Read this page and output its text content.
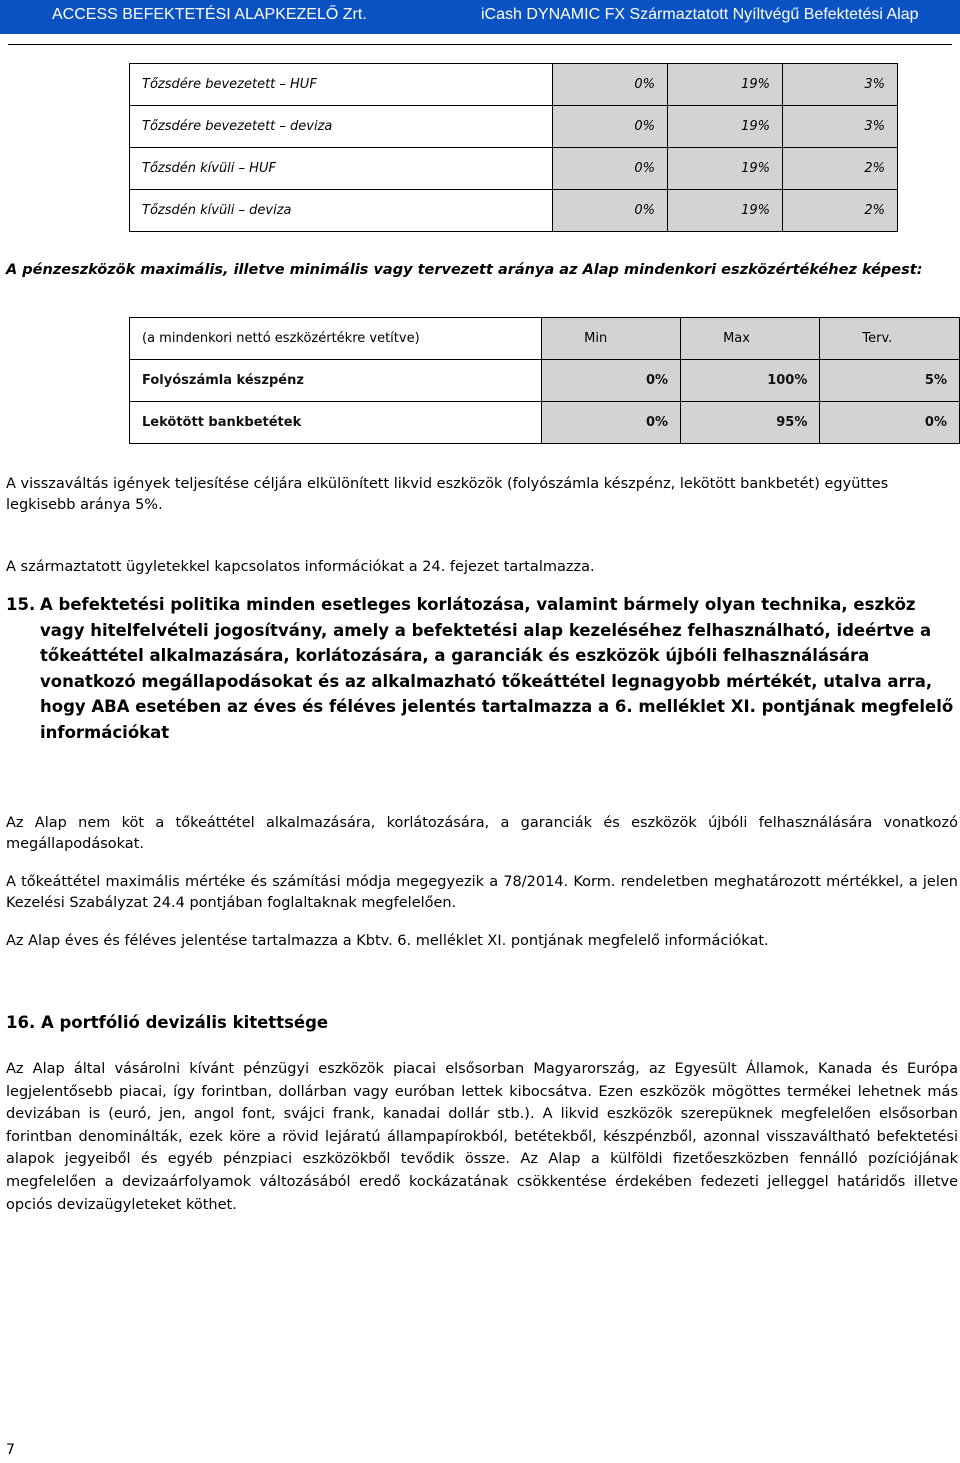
ACCESS BEFEKTETÉSI ALAPKEZELŐ Zrt.	iCash DYNAMIC FX Származtatott Nyíltvégű Befektetési Alap
Tőzsdére bevezetett – HUF	0%	19%	3%
Tőzsdére bevezetett – deviza	0%	19%	3%
Tőzsdén kívüli – HUF	0%	19%	2%
Tőzsdén kívüli – deviza	0%	19%	2%

A pénzeszközök maximális, illetve minimális vagy tervezett aránya az Alap mindenkori eszközértékéhez képest:

(a mindenkori nettó eszközértékre vetítve)	Min	Max	Terv.
Folyószámla készpénz	0%	100%	5%
Lekötött bankbetétek	0%	95%	0%

A visszaváltás igények teljesítése céljára elkülönített likvid eszközök (folyószámla készpénz, lekötött bankbetét) együttes legkisebb aránya 5%.

A származtatott ügyletekkel kapcsolatos információkat a 24. fejezet tartalmazza.

15. A befektetési politika minden esetleges korlátozása, valamint bármely olyan technika, eszköz vagy hitelfelvételi jogosítvány, amely a befektetési alap kezeléséhez felhasználható, ideértve a tőkeáttétel alkalmazására, korlátozására, a garanciák és eszközök újbóli felhasználására vonatkozó megállapodásokat és az alkalmazható tőkeáttétel legnagyobb mértékét, utalva arra, hogy ABA esetében az éves és féléves jelentés tartalmazza a 6. melléklet XI. pontjának megfelelő információkat

Az Alap nem köt a tőkeáttétel alkalmazására, korlátozására, a garanciák és eszközök újbóli felhasználására vonatkozó megállapodásokat.

A tőkeáttétel maximális mértéke és számítási módja megegyezik a 78/2014. Korm. rendeletben meghatározott mértékkel, a jelen Kezelési Szabályzat 24.4 pontjában foglaltaknak megfelelően.

Az Alap éves és féléves jelentése tartalmazza a Kbtv. 6. melléklet XI. pontjának megfelelő információkat.

16. A portfólió devizális kitettsége

Az Alap által vásárolni kívánt pénzügyi eszközök piacai elsősorban Magyarország, az Egyesült Államok, Kanada és Európa legjelentősebb piacai, így forintban, dollárban vagy euróban lettek kibocsátva. Ezen eszközök mögöttes termékei lehetnek más devizában is (euró, jen, angol font, svájci frank, kanadai dollár stb.). A likvid eszközök szerepüknek megfelelően elsősorban forintban denominálták, ezek köre a rövid lejáratú állampapírokból, betétekből, készpénzből, azonnal visszaváltható befektetési alapok jegyeiből és egyéb pénzpiaci eszközökből tevődik össze. Az Alap a külföldi fizetőeszközben fennálló pozíciójának megfelelően a devizaárfolyamok változásából eredő kockázatának csökkentése érdekében fedezeti jelleggel határidős illetve opciós devizaügyleteket köthet.

7
